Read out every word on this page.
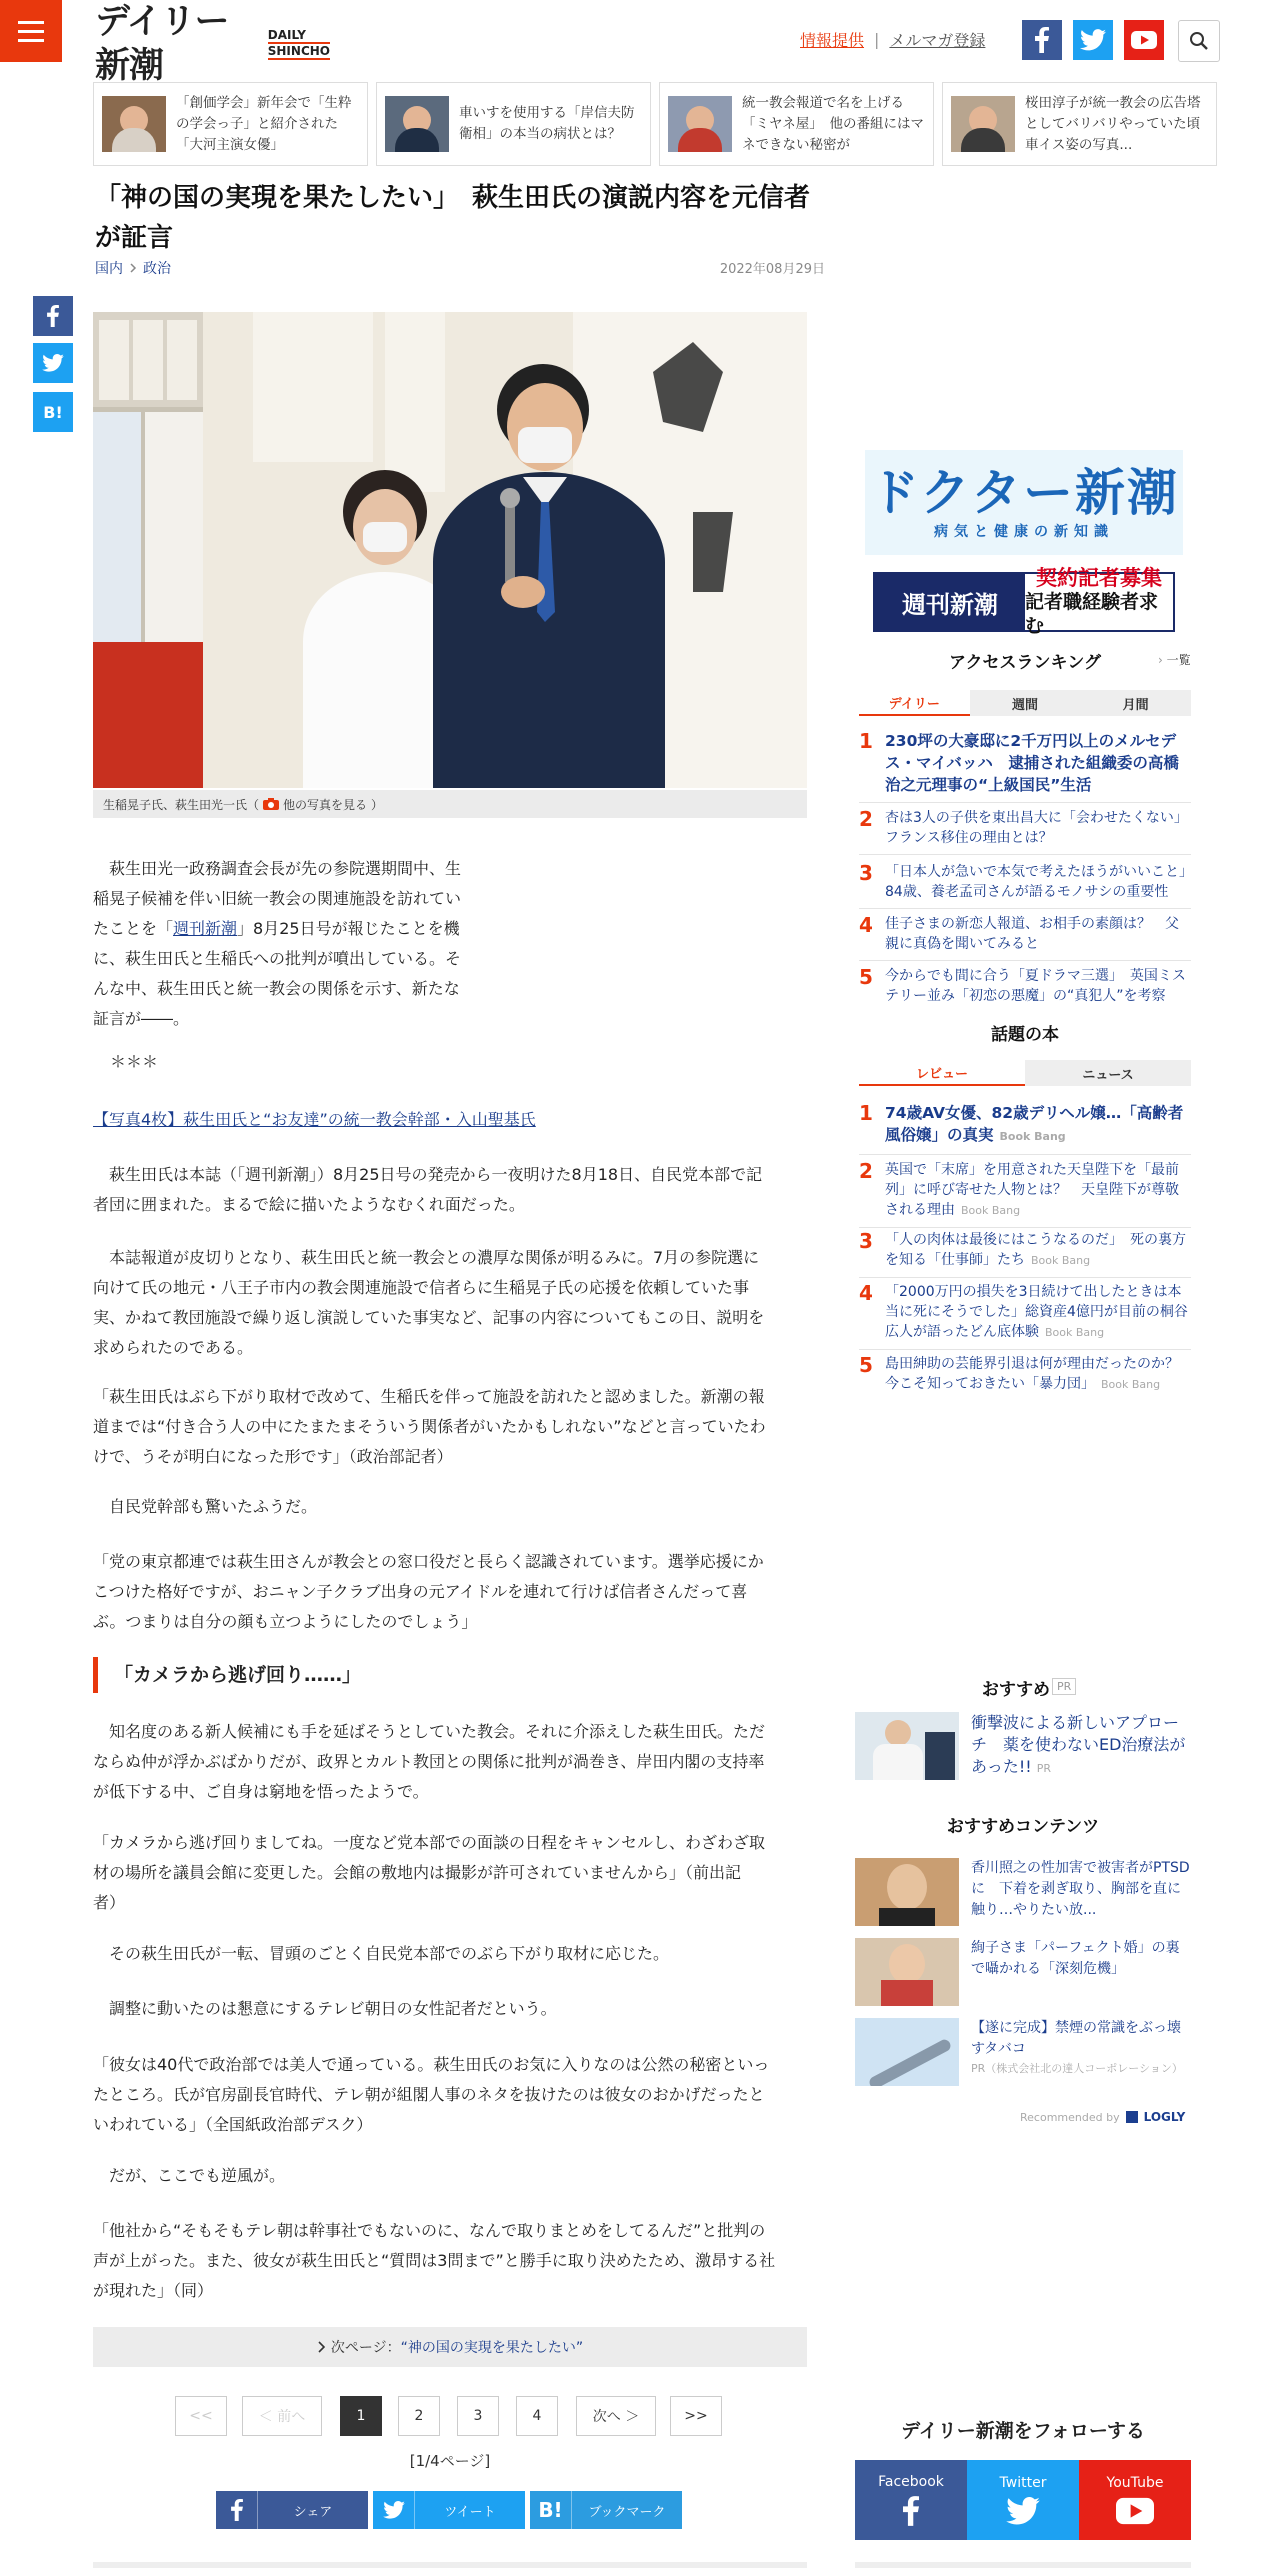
デイリー新潮
DAILY
SHINCHO
情報提供 | メルマガ登録

「創価学会」新年会で「生粋の学会っ子」と紹介された「大河主演女優」

車いすを使用する「岸信夫防衛相」の本当の病状とは？

統一教会報道で名を上げる「ミヤネ屋」　他の番組にはマネできない秘密が

桜田淳子が統一教会の広告塔としてバリバリやっていた頃　車イス姿の写真...

「神の国の実現を果たしたい」　萩生田氏の演説内容を元信者が証言
国内 政治	2022年08月29日
B!
生稲晃子氏、萩生田光一氏（ 他の写真を見る ）
　萩生田光一政務調査会長が先の参院選期間中、生
稲晃子候補を伴い旧統一教会の関連施設を訪れてい
たことを「週刊新潮」8月25日号が報じたことを機
に、萩生田氏と生稲氏への批判が噴出している。そ
んな中、萩生田氏と統一教会の関係を示す、新たな
証言が――。
＊＊＊
【写真4枚】萩生田氏と“お友達”の統一教会幹部・入山聖基氏
　萩生田氏は本誌（「週刊新潮」）8月25日号の発売から一夜明けた8月18日、自民党本部で記
者団に囲まれた。まるで絵に描いたようなむくれ面だった。
　本誌報道が皮切りとなり、萩生田氏と統一教会との濃厚な関係が明るみに。7月の参院選に
向けて氏の地元・八王子市内の教会関連施設で信者らに生稲晃子氏の応援を依頼していた事
実、かねて教団施設で繰り返し演説していた事実など、記事の内容についてもこの日、説明を
求められたのである。
「萩生田氏はぶら下がり取材で改めて、生稲氏を伴って施設を訪れたと認めました。新潮の報
道までは“付き合う人の中にたまたまそういう関係者がいたかもしれない”などと言っていたわ
けで、うそが明白になった形です」（政治部記者）
　自民党幹部も驚いたふうだ。
「党の東京都連では萩生田さんが教会との窓口役だと長らく認識されています。選挙応援にか
こつけた格好ですが、おニャン子クラブ出身の元アイドルを連れて行けば信者さんだって喜
ぶ。つまりは自分の顔も立つようにしたのでしょう」
「カメラから逃げ回り……」
　知名度のある新人候補にも手を延ばそうとしていた教会。それに介添えした萩生田氏。ただ
ならぬ仲が浮かぶばかりだが、政界とカルト教団との関係に批判が渦巻き、岸田内閣の支持率
が低下する中、ご自身は窮地を悟ったようで。
「カメラから逃げ回りましてね。一度など党本部での面談の日程をキャンセルし、わざわざ取
材の場所を議員会館に変更した。会館の敷地内は撮影が許可されていませんから」（前出記
者）
　その萩生田氏が一転、冒頭のごとく自民党本部でのぶら下がり取材に応じた。
　調整に動いたのは懇意にするテレビ朝日の女性記者だという。
「彼女は40代で政治部では美人で通っている。萩生田氏のお気に入りなのは公然の秘密といっ
たところ。氏が官房副長官時代、テレ朝が組閣人事のネタを抜けたのは彼女のおかげだったと
いわれている」（全国紙政治部デスク）
　だが、ここでも逆風が。
「他社から“そもそもテレ朝は幹事社でもないのに、なんで取りまとめをしてるんだ”と批判の
声が上がった。また、彼女が萩生田氏と“質問は3問まで”と勝手に取り決めたため、激昂する社
が現れた」（同）
次ページ： “神の国の実現を果たしたい”
<<	＜ 前へ	1	2	3	4	次へ ＞	>>
[1/4ページ]
シェア	ツイート	B!	ブックマーク
ドクター新潮
病気と健康の新知識
週刊新潮
契約記者募集
記者職経験者求む
アクセスランキング	› 一覧
デイリー	週間	月間
1 230坪の大豪邸に2千万円以上のメルセデス・マイバッハ　逮捕された組織委の高橋治之元理事の“上級国民”生活
2 杏は3人の子供を東出昌大に「会わせたくない」フランス移住の理由とは？
3 「日本人が急いで本気で考えたほうがいいこと」84歳、養老孟司さんが語るモノサシの重要性
4 佳子さまの新恋人報道、お相手の素顔は？　父親に真偽を聞いてみると
5 今からでも間に合う「夏ドラマ三選」　英国ミステリー並み「初恋の悪魔」の“真犯人”を考察
話題の本
レビュー	ニュース
1 74歳AV女優、82歳デリヘル嬢…「高齢者風俗嬢」の真実 Book Bang
2 英国で「末席」を用意された天皇陛下を「最前列」に呼び寄せた人物とは？　天皇陛下が尊敬される理由 Book Bang
3 「人の肉体は最後にはこうなるのだ」　死の裏方を知る「仕事師」たち Book Bang
4 「2000万円の損失を3日続けて出したときは本当に死にそうでした」総資産4億円が目前の桐谷広人が語ったどん底体験 Book Bang
5 島田紳助の芸能界引退は何が理由だったのか？　今こそ知っておきたい「暴力団」 Book Bang
おすすめ PR
衝撃波による新しいアプローチ　薬を使わないED治療法があった!! PR
おすすめコンテンツ
香川照之の性加害で被害者がPTSDに　下着を剥ぎ取り、胸部を直に触り…やりたい放...
絢子さま「パーフェクト婚」の裏で囁かれる「深刻危機」
【遂に完成】禁煙の常識をぶっ壊すタバコ
PR（株式会社北の達人コーポレーション）
Recommended by LOGLY
デイリー新潮をフォローする
Facebook	Twitter	YouTube
